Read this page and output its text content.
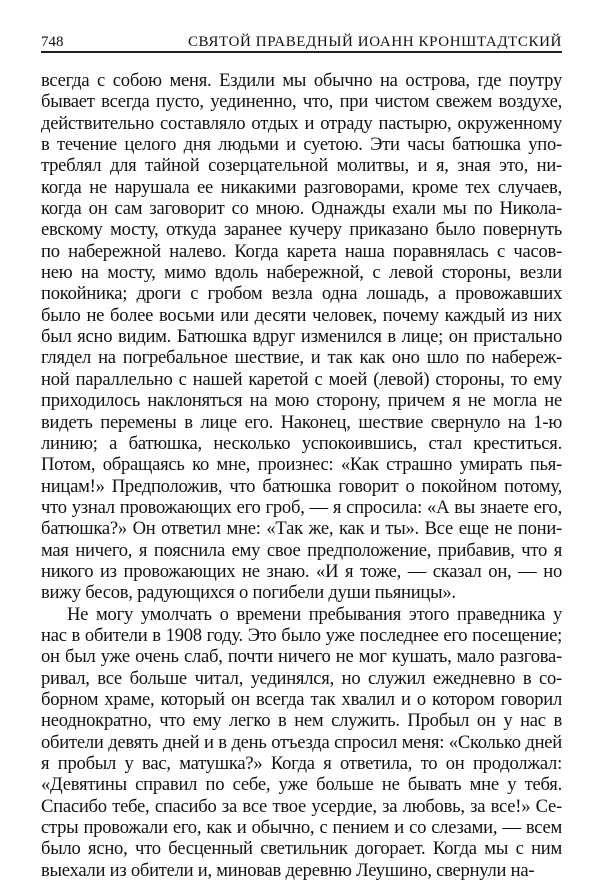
748	СВЯТОЙ ПРАВЕДНЫЙ ИОАНН КРОНШТАДТСКИЙ
всегда с собою меня. Ездили мы обычно на острова, где поутру
бывает всегда пусто, уединенно, что, при чистом свежем воздухе,
действительно составляло отдых и отраду пастырю, окруженному
в течение целого дня людьми и суетою. Эти часы батюшка упо-
треблял для тайной созерцательной молитвы, и я, зная это, ни-
когда не нарушала ее никакими разговорами, кроме тех случаев,
когда он сам заговорит со мною. Однажды ехали мы по Никола-
евскому мосту, откуда заранее кучеру приказано было повернуть
по набережной налево. Когда карета наша поравнялась с часов-
нею на мосту, мимо вдоль набережной, с левой стороны, везли
покойника; дроги с гробом везла одна лошадь, а провожавших
было не более восьми или десяти человек, почему каждый из них
был ясно видим. Батюшка вдруг изменился в лице; он пристально
глядел на погребальное шествие, и так как оно шло по набереж-
ной параллельно с нашей каретой с моей (левой) стороны, то ему
приходилось наклоняться на мою сторону, причем я не могла не
видеть перемены в лице его. Наконец, шествие свернуло на 1-ю
линию; а батюшка, несколько успокоившись, стал креститься.
Потом, обращаясь ко мне, произнес: «Как страшно умирать пья-
ницам!» Предположив, что батюшка говорит о покойном потому,
что узнал провожающих его гроб, — я спросила: «А вы знаете его,
батюшка?» Он ответил мне: «Так же, как и ты». Все еще не пони-
мая ничего, я пояснила ему свое предположение, прибавив, что я
никого из провожающих не знаю. «И я тоже, — сказал он, — но
вижу бесов, радующихся о погибели души пьяницы».
Не могу умолчать о времени пребывания этого праведника у
нас в обители в 1908 году. Это было уже последнее его посещение;
он был уже очень слаб, почти ничего не мог кушать, мало разгова-
ривал, все больше читал, уединялся, но служил ежедневно в со-
борном храме, который он всегда так хвалил и о котором говорил
неоднократно, что ему легко в нем служить. Пробыл он у нас в
обители девять дней и в день отъезда спросил меня: «Сколько дней
я пробыл у вас, матушка?» Когда я ответила, то он продолжал:
«Девятины справил по себе, уже больше не бывать мне у тебя.
Спасибо тебе, спасибо за все твое усердие, за любовь, за все!» Се-
стры провожали его, как и обычно, с пением и со слезами, — всем
было ясно, что бесценный светильник догорает. Когда мы с ним
выехали из обители и, миновав деревню Леушино, свернули на-
